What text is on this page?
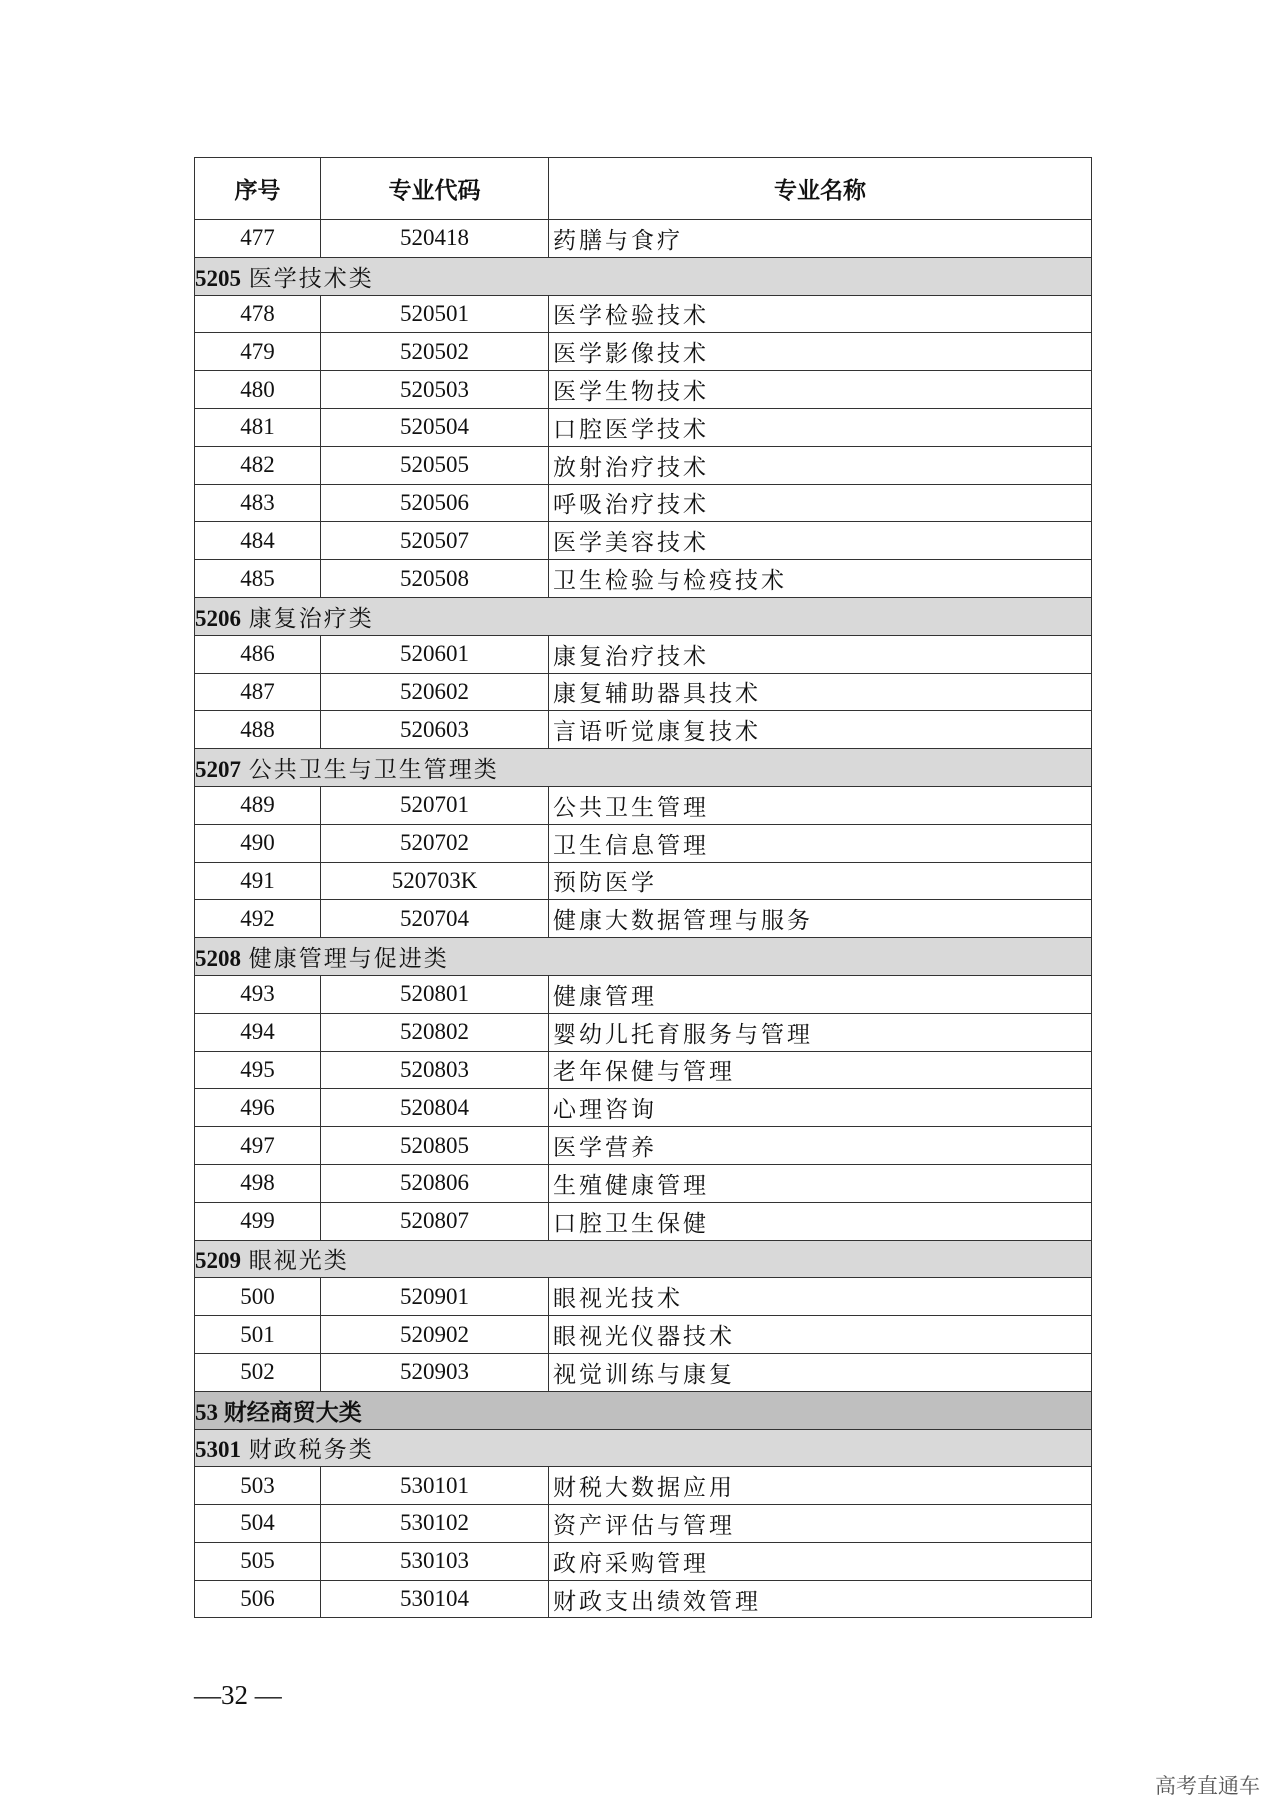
序号	专业代码	专业名称
477	520418	药膳与食疗
5205 医学技术类		
478	520501	医学检验技术
479	520502	医学影像技术
480	520503	医学生物技术
481	520504	口腔医学技术
482	520505	放射治疗技术
483	520506	呼吸治疗技术
484	520507	医学美容技术
485	520508	卫生检验与检疫技术
5206 康复治疗类		
486	520601	康复治疗技术
487	520602	康复辅助器具技术
488	520603	言语听觉康复技术
5207 公共卫生与卫生管理类		
489	520701	公共卫生管理
490	520702	卫生信息管理
491	520703K	预防医学
492	520704	健康大数据管理与服务
5208 健康管理与促进类		
493	520801	健康管理
494	520802	婴幼儿托育服务与管理
495	520803	老年保健与管理
496	520804	心理咨询
497	520805	医学营养
498	520806	生殖健康管理
499	520807	口腔卫生保健
5209 眼视光类		
500	520901	眼视光技术
501	520902	眼视光仪器技术
502	520903	视觉训练与康复
53 财经商贸大类		
5301 财政税务类		
503	530101	财税大数据应用
504	530102	资产评估与管理
505	530103	政府采购管理
506	530104	财政支出绩效管理
—32 —
高考直通车
